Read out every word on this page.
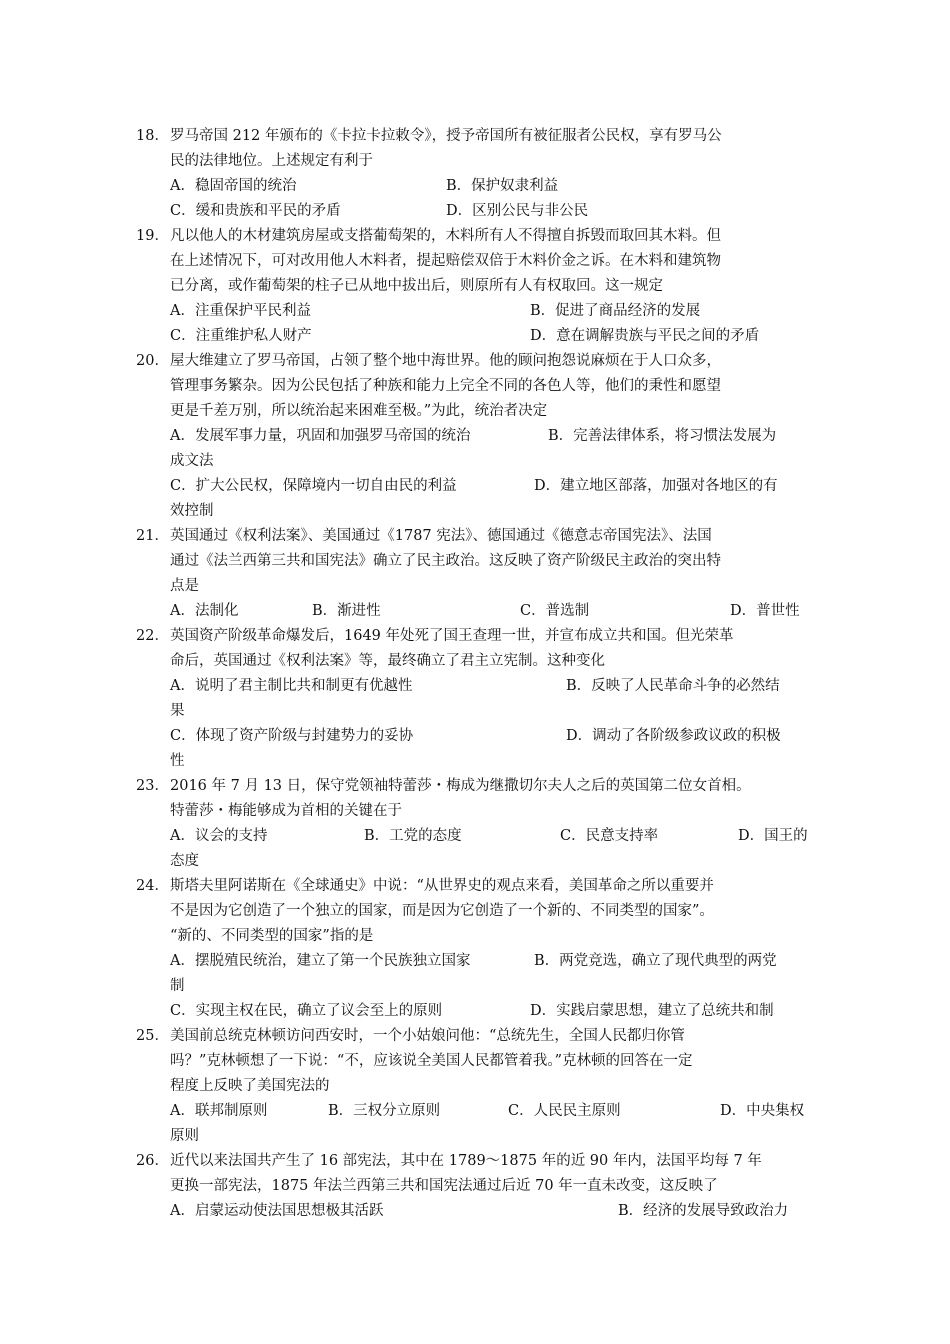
18． 罗马帝国 212 年颁布的《卡拉卡拉敕令》，授予帝国所有被征服者公民权，享有罗马公
民的法律地位。上述规定有利于
A．稳固帝国的统治	B．保护奴隶利益
C．缓和贵族和平民的矛盾	D．区别公民与非公民
19． 凡以他人的木材建筑房屋或支搭葡萄架的，木料所有人不得擅自拆毁而取回其木料。但
在上述情况下，可对改用他人木料者，提起赔偿双倍于木料价金之诉。在木料和建筑物
已分离，或作葡萄架的柱子已从地中拔出后，则原所有人有权取回。这一规定
A．注重保护平民利益	B．促进了商品经济的发展
C．注重维护私人财产	D．意在调解贵族与平民之间的矛盾
20． 屋大维建立了罗马帝国，占领了整个地中海世界。他的顾问抱怨说麻烦在于人口众多，
管理事务繁杂。因为公民包括了种族和能力上完全不同的各色人等，他们的秉性和愿望
更是千差万别，所以统治起来困难至极。”为此，统治者决定
A．发展军事力量，巩固和加强罗马帝国的统治	B．完善法律体系，将习惯法发展为
成文法
C．扩大公民权，保障境内一切自由民的利益	D．建立地区部落，加强对各地区的有
效控制
21． 英国通过《权利法案》、美国通过《1787 宪法》、德国通过《德意志帝国宪法》、法国
通过《法兰西第三共和国宪法》确立了民主政治。这反映了资产阶级民主政治的突出特
点是
A．法制化	B．渐进性	C．普选制	D．普世性
22． 英国资产阶级革命爆发后，1649 年处死了国王查理一世，并宣布成立共和国。但光荣革
命后，英国通过《权利法案》等，最终确立了君主立宪制。这种变化
A．说明了君主制比共和制更有优越性	B．反映了人民革命斗争的必然结
果
C．体现了资产阶级与封建势力的妥协	D．调动了各阶级参政议政的积极
性
23． 2016 年 7 月 13 日，保守党领袖特蕾莎・梅成为继撒切尔夫人之后的英国第二位女首相。
特蕾莎・梅能够成为首相的关键在于
A．议会的支持	B．工党的态度	C．民意支持率	D．国王的
态度
24． 斯塔夫里阿诺斯在《全球通史》中说：“从世界史的观点来看，美国革命之所以重要并
不是因为它创造了一个独立的国家，而是因为它创造了一个新的、不同类型的国家”。
“新的、不同类型的国家”指的是
A．摆脱殖民统治，建立了第一个民族独立国家	B．两党竞选，确立了现代典型的两党
制
C．实现主权在民，确立了议会至上的原则	D．实践启蒙思想，建立了总统共和制
25． 美国前总统克林顿访问西安时，一个小姑娘问他：“总统先生，全国人民都归你管
吗？”克林顿想了一下说：“不，应该说全美国人民都管着我。”克林顿的回答在一定
程度上反映了美国宪法的
A．联邦制原则	B．三权分立原则	C．人民民主原则	D．中央集权
原则
26． 近代以来法国共产生了 16 部宪法，其中在 1789～1875 年的近 90 年内，法国平均每 7 年
更换一部宪法，1875 年法兰西第三共和国宪法通过后近 70 年一直未改变，这反映了
A．启蒙运动使法国思想极其活跃	B．经济的发展导致政治力
